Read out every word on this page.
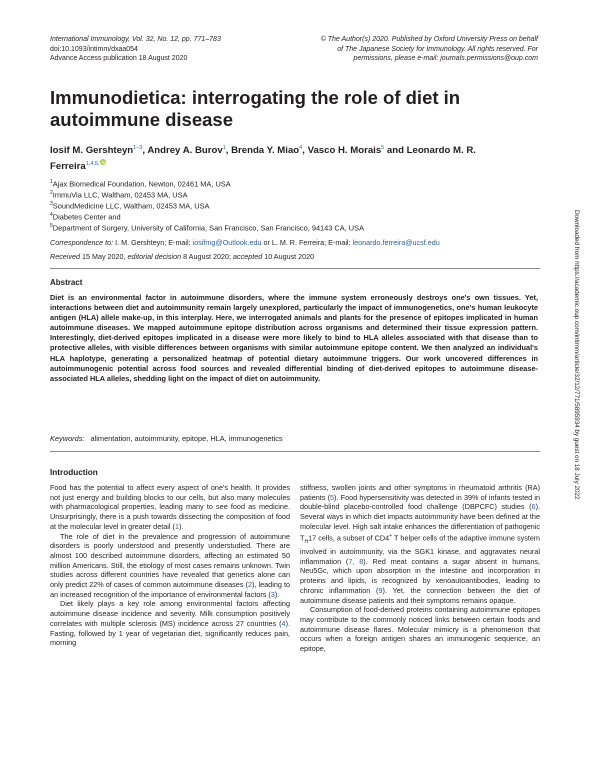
International Immunology, Vol. 32, No. 12, pp. 771–783
doi:10.1093/intimm/dxaa054
Advance Access publication 18 August 2020
© The Author(s) 2020. Published by Oxford University Press on behalf
of The Japanese Society for Immunology. All rights reserved. For
permissions, please e-mail: journals.permissions@oup.com
Immunodietica: interrogating the role of diet in autoimmune disease
Iosif M. Gershteyn$^{1-3}$, Andrey A. Burov$^1$, Brenda Y. Miao$^4$, Vasco H. Morais$^5$ and Leonardo M. R. Ferreira$^{1,4,5,}$
$^1$Ajax Biomedical Foundation, Newton, 02461 MA, USA
$^2$ImmuVia LLC, Waltham, 02453 MA, USA
$^3$SoundMedicine LLC, Waltham, 02453 MA, USA
$^4$Diabetes Center and
$^5$Department of Surgery, University of California, San Francisco, San Francisco, 94143 CA, USA
Correspondence to: I. M. Gershteyn; E-mail: iosifmg@Outlook.edu or L. M. R. Ferreira; E-mail: leonardo.ferreira@ucsf.edu
Received 15 May 2020, editorial decision 8 August 2020; accepted 10 August 2020
Abstract
Diet is an environmental factor in autoimmune disorders, where the immune system erroneously destroys one's own tissues. Yet, interactions between diet and autoimmunity remain largely unexplored, particularly the impact of immunogenetics, one's human leukocyte antigen (HLA) allele make-up, in this interplay. Here, we interrogated animals and plants for the presence of epitopes implicated in human autoimmune diseases. We mapped autoimmune epitope distribution across organisms and determined their tissue expression pattern. Interestingly, diet-derived epitopes implicated in a disease were more likely to bind to HLA alleles associated with that disease than to protective alleles, with visible differences between organisms with similar autoimmune epitope content. We then analyzed an individual's HLA haplotype, generating a personalized heatmap of potential dietary autoimmune triggers. Our work uncovered differences in autoimmunogenic potential across food sources and revealed differential binding of diet-derived epitopes to autoimmune disease-associated HLA alleles, shedding light on the impact of diet on autoimmunity.
Keywords: alimentation, autoimmunity, epitope, HLA, immunogenetics
Introduction

Food has the potential to affect every aspect of one's health. It provides not just energy and building blocks to our cells, but also many molecules with pharmacological properties, leading many to see food as medicine. Unsurprisingly, there is a push towards dissecting the composition of food at the molecular level in greater detail (1).

The role of diet in the prevalence and progression of autoimmune disorders is poorly understood and presently understudied. There are almost 100 described autoimmune disorders, affecting an estimated 50 million Americans. Still, the etiology of most cases remains unknown. Twin studies across different countries have revealed that genetics alone can only predict 22% of cases of common autoimmune diseases (2), leading to an increased recognition of the importance of environmental factors (3).

Diet likely plays a key role among environmental factors affecting autoimmune disease incidence and severity. Milk consumption positively correlates with multiple sclerosis (MS) incidence across 27 countries (4). Fasting, followed by 1 year of vegetarian diet, significantly reduces pain, morning

stiffness, swollen joints and other symptoms in rheumatoid arthritis (RA) patients (5). Food hypersensitivity was detected in 39% of infants tested in double-blind placebo-controlled food challenge (DBPCFC) studies (6). Several ways in which diet impacts autoimmunity have been defined at the molecular level. High salt intake enhances the differentiation of pathogenic $T_H17$ cells, a subset of CD4+ T helper cells of the adaptive immune system involved in autoimmunity, via the SGK1 kinase, and aggravates neural inflammation (7, 8). Red meat contains a sugar absent in humans, Neu5Gc, which upon absorption in the intestine and incorporation in proteins and lipids, is recognized by xenoautoantibodies, leading to chronic inflammation (9). Yet, the connection between the diet of autoimmune disease patients and their symptoms remains opaque.

Consumption of food-derived proteins containing autoimmune epitopes may contribute to the commonly noticed links between certain foods and autoimmune disease flares. Molecular mimicry is a phenomenon that occurs when a foreign antigen shares an immunogenic sequence, an epitope,

Downloaded from https://academic.oup.com/intimm/article/32/12/771/5895934 by guest on 18 July 2022
